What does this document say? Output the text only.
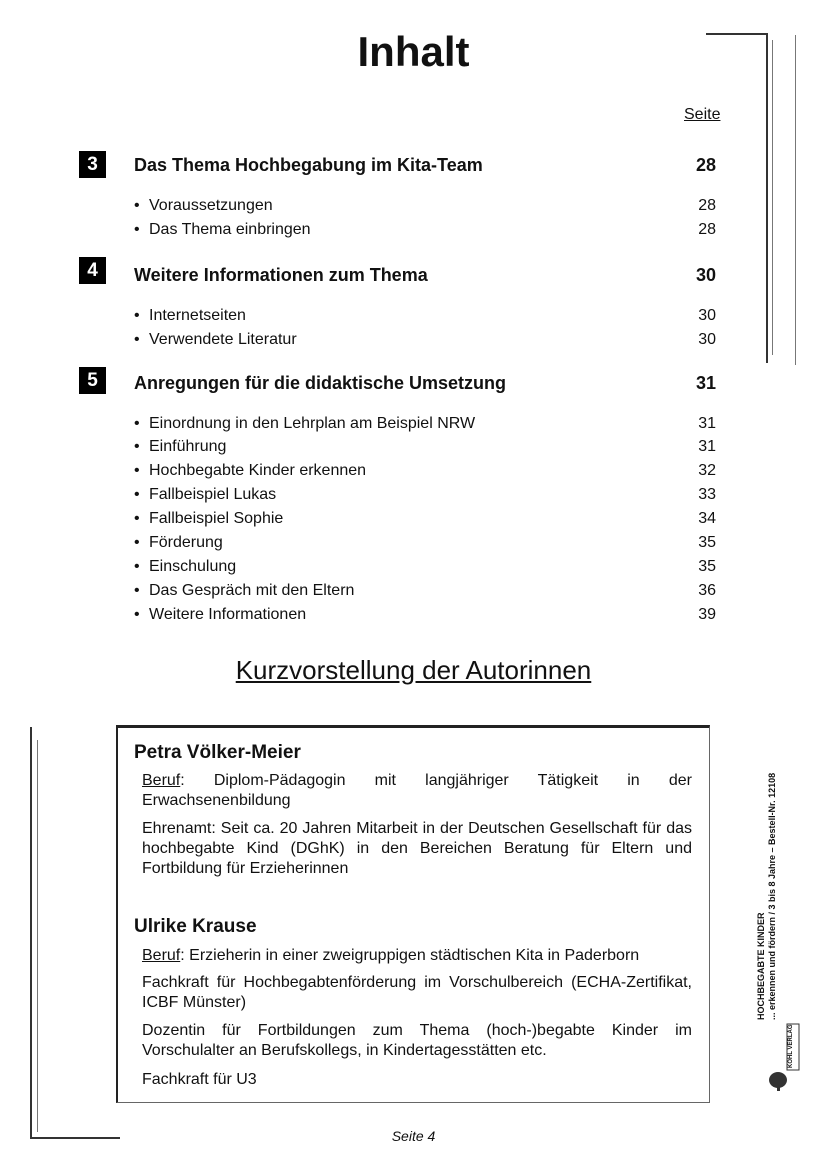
Inhalt
Seite
3	Das Thema Hochbegabung im Kita-Team	28
• Voraussetzungen	28
• Das Thema einbringen	28
4	Weitere Informationen zum Thema	30
• Internetseiten	30
• Verwendete Literatur	30
5	Anregungen für die didaktische Umsetzung	31
• Einordnung in den Lehrplan am Beispiel NRW	31
• Einführung	31
• Hochbegabte Kinder erkennen	32
• Fallbeispiel Lukas	33
• Fallbeispiel Sophie	34
• Förderung	35
• Einschulung	35
• Das Gespräch mit den Eltern	36
• Weitere Informationen	39
Kurzvorstellung der Autorinnen
Petra Völker-Meier
Beruf: Diplom-Pädagogin mit langjähriger Tätigkeit in der Erwachsenenbildung
Ehrenamt: Seit ca. 20 Jahren Mitarbeit in der Deutschen Gesellschaft für das hochbegabte Kind (DGhK) in den Bereichen Beratung für Eltern und Fortbildung für Erzieherinnen
Ulrike Krause
Beruf: Erzieherin in einer zweigruppigen städtischen Kita in Paderborn
Fachkraft für Hochbegabtenförderung im Vorschulbereich (ECHA-Zertifikat, ICBF Münster)
Dozentin für Fortbildungen zum Thema (hoch-)begabte Kinder im Vorschulalter an Berufskollegs, in Kindertagesstätten etc.
Fachkraft für U3
HOCHBEGABTE KINDER ... erkennen und fördern / 3 bis 8 Jahre – Bestell-Nr. 12108
KOHL VERLAG
Seite 4
